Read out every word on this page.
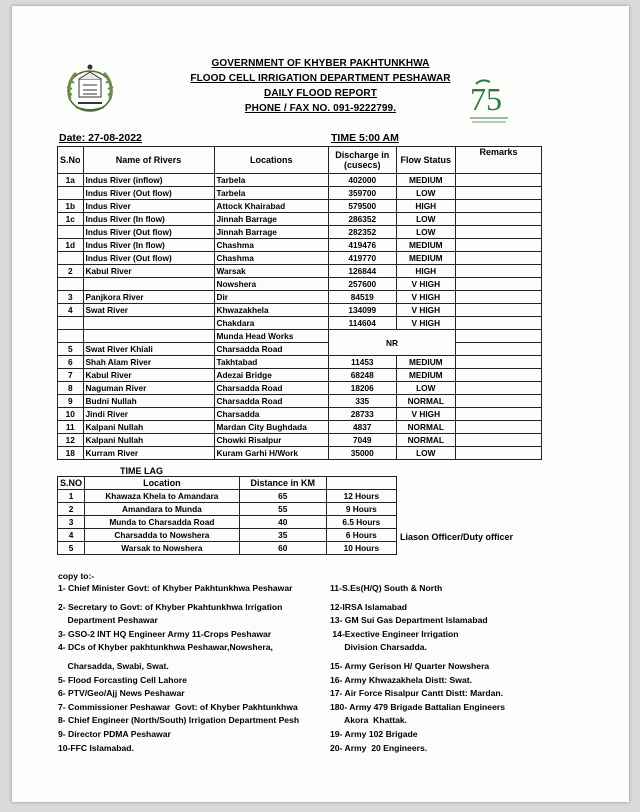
GOVERNMENT OF KHYBER PAKHTUNKHWA
FLOOD CELL IRRIGATION DEPARTMENT PESHAWAR
DAILY FLOOD REPORT
PHONE / FAX NO. 091-9222799.	75
Date: 27-08-2022	TIME 5:00 AM
S.No	Name of Rivers	Locations	Discharge in (cusecs)	Flow Status	Remarks
1a	Indus River (inflow)	Tarbela	402000	MEDIUM	
	Indus River (Out flow)	Tarbela	359700	LOW	
1b	Indus River	Attock Khairabad	579500	HIGH	
1c	Indus River (In flow)	Jinnah Barrage	286352	LOW	
	Indus River (Out flow)	Jinnah Barrage	282352	LOW	
1d	Indus River (In flow)	Chashma	419476	MEDIUM	
	Indus River (Out flow)	Chashma	419770	MEDIUM	
2	Kabul River	Warsak	126844	HIGH	
		Nowshera	257600	V HIGH	
3	Panjkora River	Dir	84519	V HIGH	
4	Swat River	Khwazakhela	134099	V HIGH	
		Chakdara	114604	V HIGH	
		Munda Head Works	NR		
5	Swat River Khiali	Charsadda Road			
6	Shah Alam River	Takhtabad	11453	MEDIUM	
7	Kabul River	Adezai Bridge	68248	MEDIUM	
8	Naguman River	Charsadda Road	18206	LOW	
9	Budni Nullah	Charsadda Road	335	NORMAL	
10	Jindi River	Charsadda	28733	V HIGH	
11	Kalpani Nullah	Mardan City Bughdada	4837	NORMAL	
12	Kalpani Nullah	Chowki Risalpur	7049	NORMAL	
18	Kurram River	Kuram Garhi H/Work	35000	LOW	
TIME LAG
S.NO	Location	Distance in KM	
1	Khawaza Khela to Amandara	65	12 Hours
2	Amandara to Munda	55	9 Hours
3	Munda to Charsadda Road	40	6.5 Hours
4	Charsadda to Nowshera	35	6 Hours
5	Warsak to Nowshera	60	10 Hours
Liason Officer/Duty officer
copy to:-
1- Chief Minister Govt: of Khyber Pakhtunkhwa Peshawar
2- Secretary to Govt: of Khyber Pkahtunkhwa Irrigation
Department Peshawar
3- GSO-2 INT HQ Engineer Army 11-Crops Peshawar
4- DCs of Khyber pakhtunkhwa Peshawar,Nowshera,
Charsadda, Swabi, Swat.
5- Flood Forcasting Cell Lahore
6- PTV/Geo/Ajj News Peshawar
7- Commissioner Peshawar  Govt: of Khyber Pakhtunkhwa
8- Chief Engineer (North/South) Irrigation Department Pesh
9- Director PDMA Peshawar
10-FFC Islamabad.
11-S.Es(H/Q) South & North
12-IRSA Islamabad
13- GM Sui Gas Department Islamabad
14-Exective Engineer Irrigation
Division Charsadda.
15- Army Gerison H/ Quarter Nowshera
16- Army Khwazakhela Distt: Swat.
17- Air Force Risalpur Cantt Distt: Mardan.
180- Army 479 Brigade Battalian Engineers
Akora  Khattak.
19- Army 102 Brigade
20- Army  20 Engineers.
